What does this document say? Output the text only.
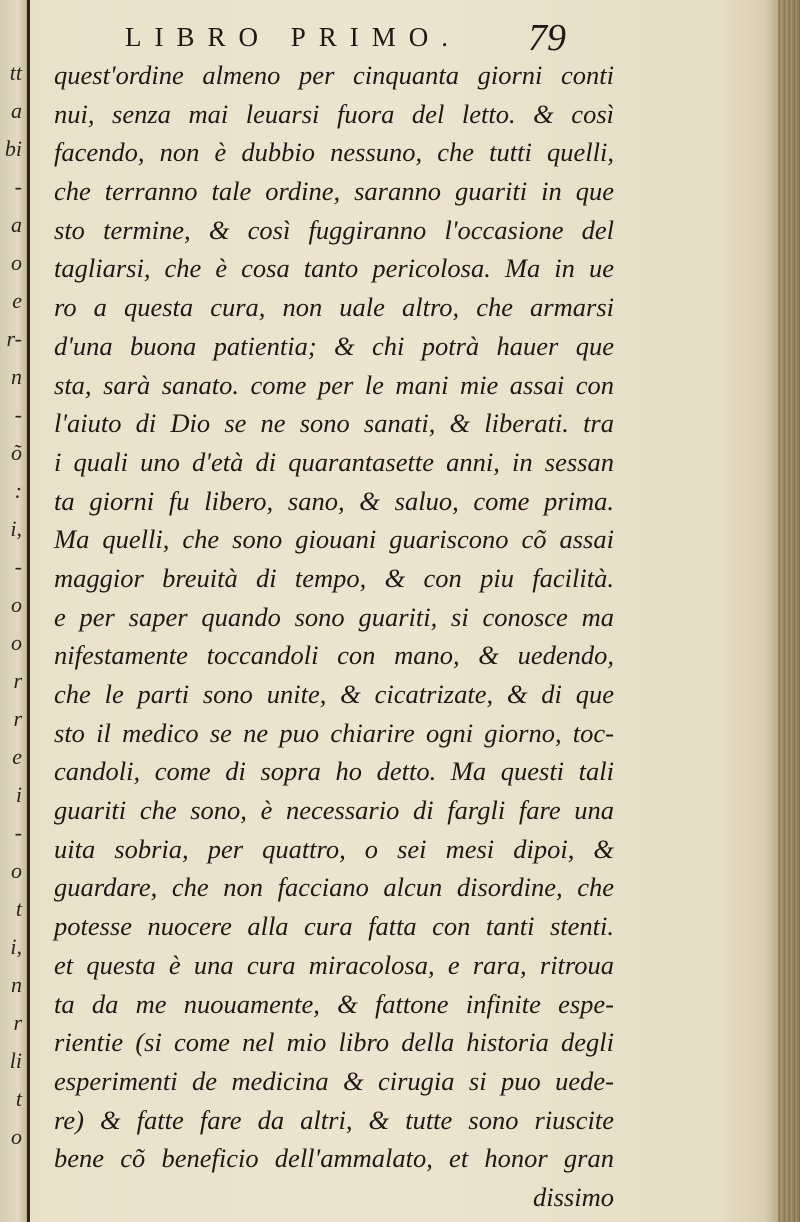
tt
a
bi
-
a
o
e
r-
n
-
õ
:
i,
-
o
o
r
r
e
i
-
o
t
i,
n
r
li
t
o
LIBRO PRIMO.	79
quest'ordine almeno per cinquanta giorni conti
nui, senza mai leuarsi fuora del letto. & così
facendo, non è dubbio nessuno, che tutti quelli,
che terranno tale ordine, saranno guariti in que
sto termine, & così fuggiranno l'occasione del
tagliarsi, che è cosa tanto pericolosa. Ma in ue
ro a questa cura, non uale altro, che armarsi
d'una buona patientia; & chi potrà hauer que
sta, sarà sanato. come per le mani mie assai con
l'aiuto di Dio se ne sono sanati, & liberati. tra
i quali uno d'età di quarantasette anni, in sessan
ta giorni fu libero, sano, & saluo, come prima.
Ma quelli, che sono giouani guariscono cõ assai
maggior breuità di tempo, & con piu facilità.
e per saper quando sono guariti, si conosce ma
nifestamente toccandoli con mano, & uedendo,
che le parti sono unite, & cicatrizate, & di que
sto il medico se ne puo chiarire ogni giorno, toc-
candoli, come di sopra ho detto. Ma questi tali
guariti che sono, è necessario di fargli fare una
uita sobria, per quattro, o sei mesi dipoi, &
guardare, che non facciano alcun disordine, che
potesse nuocere alla cura fatta con tanti stenti.
et questa è una cura miracolosa, e rara, ritroua
ta da me nuouamente, & fattone infinite espe-
rientie (si come nel mio libro della historia degli
esperimenti de medicina & cirugia si puo uede-
re) & fatte fare da altri, & tutte sono riuscite
bene cõ beneficio dell'ammalato, et honor gran
dissimo
